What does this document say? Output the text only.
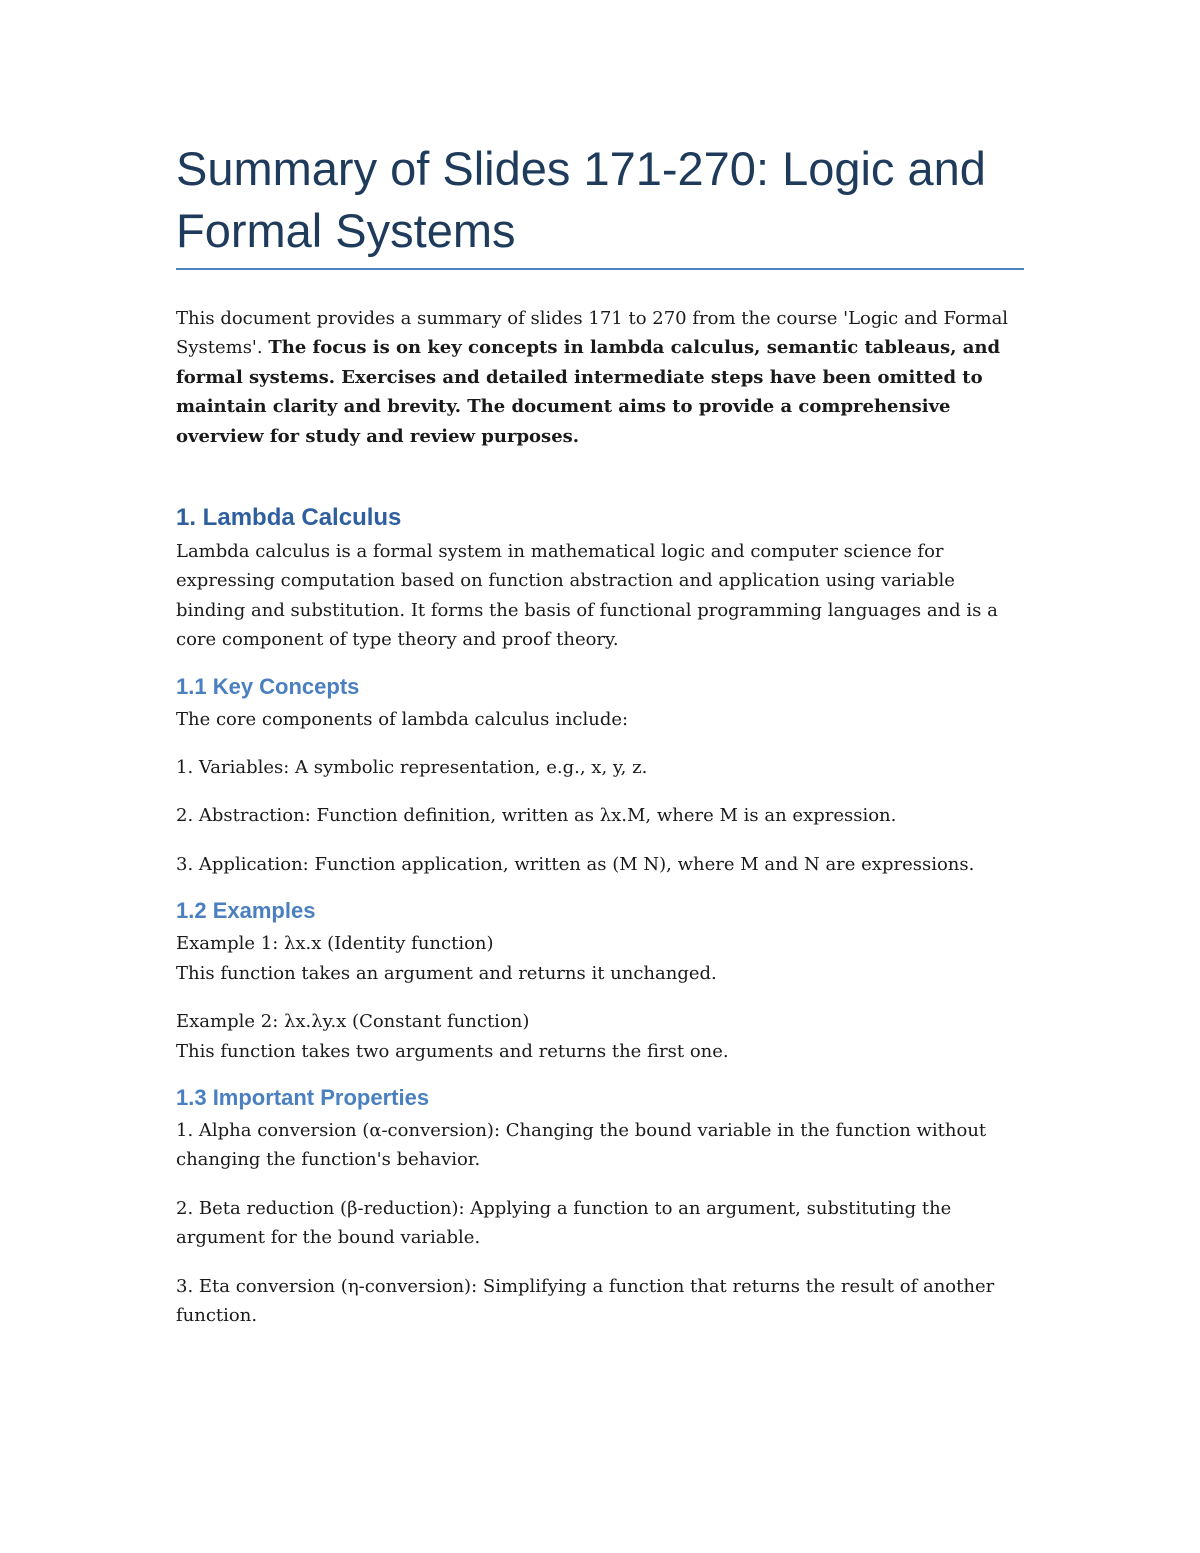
Summary of Slides 171-270: Logic and Formal Systems

This document provides a summary of slides 171 to 270 from the course 'Logic and Formal Systems'. The focus is on key concepts in lambda calculus, semantic tableaus, and formal systems. Exercises and detailed intermediate steps have been omitted to maintain clarity and brevity. The document aims to provide a comprehensive overview for study and review purposes.

1. Lambda Calculus

Lambda calculus is a formal system in mathematical logic and computer science for expressing computation based on function abstraction and application using variable binding and substitution. It forms the basis of functional programming languages and is a core component of type theory and proof theory.

1.1 Key Concepts

The core components of lambda calculus include:

1. Variables: A symbolic representation, e.g., x, y, z.

2. Abstraction: Function definition, written as λx.M, where M is an expression.

3. Application: Function application, written as (M N), where M and N are expressions.

1.2 Examples

Example 1: λx.x (Identity function)

This function takes an argument and returns it unchanged.

Example 2: λx.λy.x (Constant function)

This function takes two arguments and returns the first one.

1.3 Important Properties

1. Alpha conversion (α-conversion): Changing the bound variable in the function without changing the function's behavior.

2. Beta reduction (β-reduction): Applying a function to an argument, substituting the argument for the bound variable.

3. Eta conversion (η-conversion): Simplifying a function that returns the result of another function.
